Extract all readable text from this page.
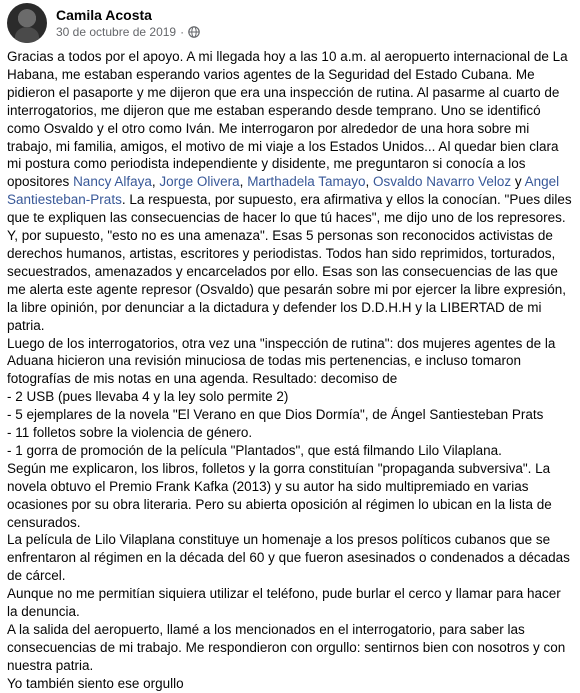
Camila Acosta
30 de octubre de 2019 ·

Gracias a todos por el apoyo. A mi llegada hoy a las 10 a.m. al aeropuerto internacional de La Habana, me estaban esperando varios agentes de la Seguridad del Estado Cubana. Me pidieron el pasaporte y me dijeron que era una inspección de rutina. Al pasarme al cuarto de interrogatorios, me dijeron que me estaban esperando desde temprano. Uno se identificó como Osvaldo y el otro como Iván. Me interrogaron por alrededor de una hora sobre mi trabajo, mi familia, amigos, el motivo de mi viaje a los Estados Unidos... Al quedar bien clara mi postura como periodista independiente y disidente, me preguntaron si conocía a los opositores Nancy Alfaya, Jorge Olivera, Marthadela Tamayo, Osvaldo Navarro Veloz y Angel Santiesteban-Prats. La respuesta, por supuesto, era afirmativa y ellos la conocían. "Pues diles que te expliquen las consecuencias de hacer lo que tú haces", me dijo uno de los represores. Y, por supuesto, "esto no es una amenaza". Esas 5 personas son reconocidos activistas de derechos humanos, artistas, escritores y periodistas. Todos han sido reprimidos, torturados, secuestrados, amenazados y encarcelados por ello. Esas son las consecuencias de las que me alerta este agente represor (Osvaldo) que pesarán sobre mi por ejercer la libre expresión, la libre opinión, por denunciar a la dictadura y defender los D.D.H.H y la LIBERTAD de mi patria.

Luego de los interrogatorios, otra vez una "inspección de rutina": dos mujeres agentes de la Aduana hicieron una revisión minuciosa de todas mis pertenencias, e incluso tomaron fotografías de mis notas en una agenda. Resultado: decomiso de

- 2 USB (pues llevaba 4 y la ley solo permite 2)

- 5 ejemplares de la novela "El Verano en que Dios Dormía", de Ángel Santiesteban Prats

- 11 folletos sobre la violencia de género.

- 1 gorra de promoción de la película "Plantados", que está filmando Lilo Vilaplana.

Según me explicaron, los libros, folletos y la gorra constituían "propaganda subversiva". La novela obtuvo el Premio Frank Kafka (2013) y su autor ha sido multipremiado en varias ocasiones por su obra literaria. Pero su abierta oposición al régimen lo ubican en la lista de censurados.

La película de Lilo Vilaplana constituye un homenaje a los presos políticos cubanos que se enfrentaron al régimen en la década del 60 y que fueron asesinados o condenados a décadas de cárcel.

Aunque no me permitían siquiera utilizar el teléfono, pude burlar el cerco y llamar para hacer la denuncia.

A la salida del aeropuerto, llamé a los mencionados en el interrogatorio, para saber las consecuencias de mi trabajo. Me respondieron con orgullo: sentirnos bien con nosotros y con nuestra patria.

Yo también siento ese orgullo
